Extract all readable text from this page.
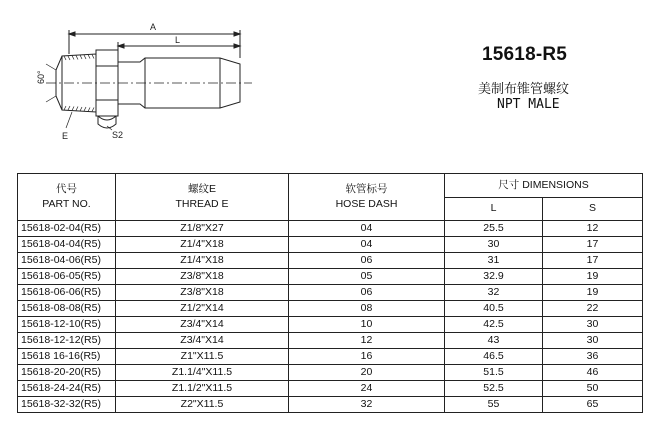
A
L
60°
E	S2
15618-R5
美制布锥管螺纹
NPT MALE
代号
PART NO.	螺纹E
THREAD E	软管标号
HOSE DASH	尺寸 DIMENSIONS	
			L	S
15618-02-04(R5)	Z1/8"X27	04	25.5	12
15618-04-04(R5)	Z1/4"X18	04	30	17
15618-04-06(R5)	Z1/4"X18	06	31	17
15618-06-05(R5)	Z3/8"X18	05	32.9	19
15618-06-06(R5)	Z3/8"X18	06	32	19
15618-08-08(R5)	Z1/2"X14	08	40.5	22
15618-12-10(R5)	Z3/4"X14	10	42.5	30
15618-12-12(R5)	Z3/4"X14	12	43	30
15618 16-16(R5)	Z1"X11.5	16	46.5	36
15618-20-20(R5)	Z1.1/4"X11.5	20	51.5	46
15618-24-24(R5)	Z1.1/2"X11.5	24	52.5	50
15618-32-32(R5)	Z2"X11.5	32	55	65
